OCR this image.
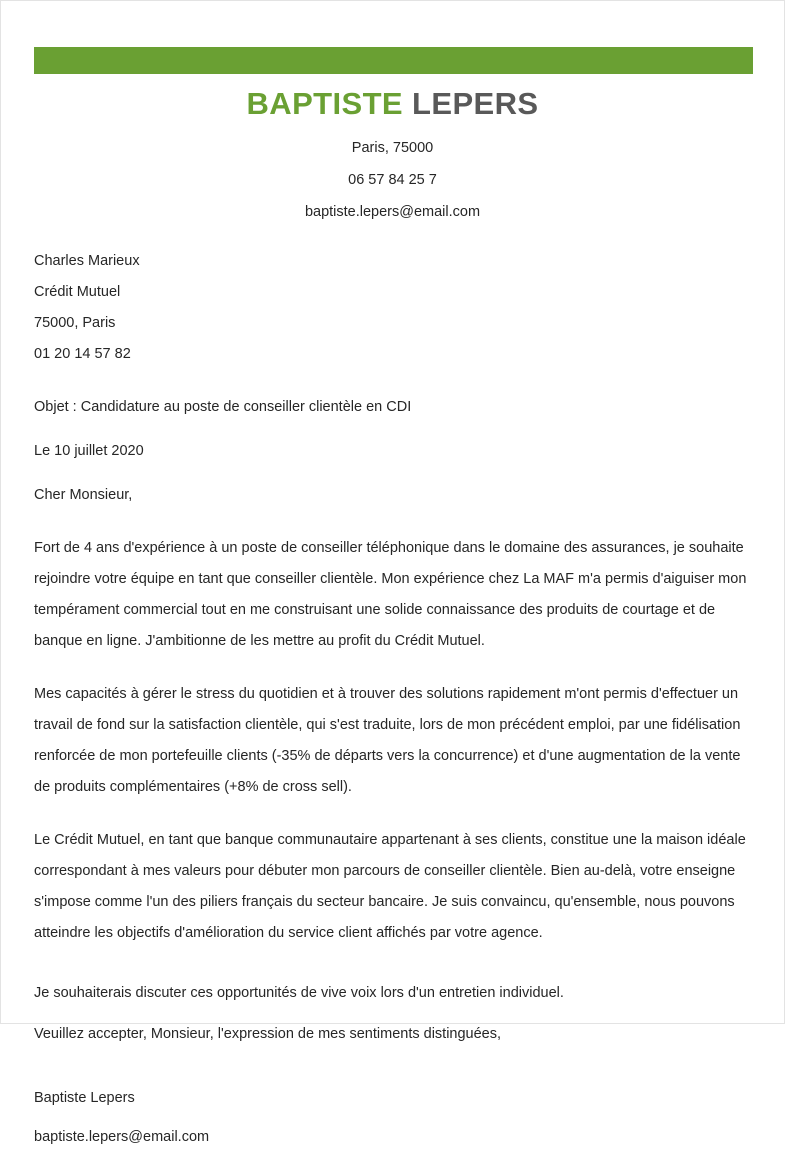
BAPTISTE LEPERS
Paris, 75000
06 57 84 25 7
baptiste.lepers@email.com
Charles Marieux
Crédit Mutuel
75000, Paris
01 20 14 57 82
Objet : Candidature au poste de conseiller clientèle en CDI
Le 10 juillet 2020
Cher Monsieur,

Fort de 4 ans d'expérience à un poste de conseiller téléphonique dans le domaine des assurances, je souhaite rejoindre votre équipe en tant que conseiller clientèle. Mon expérience chez La MAF m'a permis d'aiguiser mon tempérament commercial tout en me construisant une solide connaissance des produits de courtage et de banque en ligne. J'ambitionne de les mettre au profit du Crédit Mutuel.

Mes capacités à gérer le stress du quotidien et à trouver des solutions rapidement m'ont permis d'effectuer un travail de fond sur la satisfaction clientèle, qui s'est traduite, lors de mon précédent emploi, par une fidélisation renforcée de mon portefeuille clients (-35% de départs vers la concurrence) et d'une augmentation de la vente de produits complémentaires (+8% de cross sell).

Le Crédit Mutuel, en tant que banque communautaire appartenant à ses clients, constitue une la maison idéale correspondant à mes valeurs pour débuter mon parcours de conseiller clientèle. Bien au-delà, votre enseigne s'impose comme l'un des piliers français du secteur bancaire. Je suis convaincu, qu'ensemble, nous pouvons atteindre les objectifs d'amélioration du service client affichés par votre agence.

Je souhaiterais discuter ces opportunités de vive voix lors d'un entretien individuel.
Veuillez accepter, Monsieur, l'expression de mes sentiments distinguées,
Baptiste Lepers
baptiste.lepers@email.com
